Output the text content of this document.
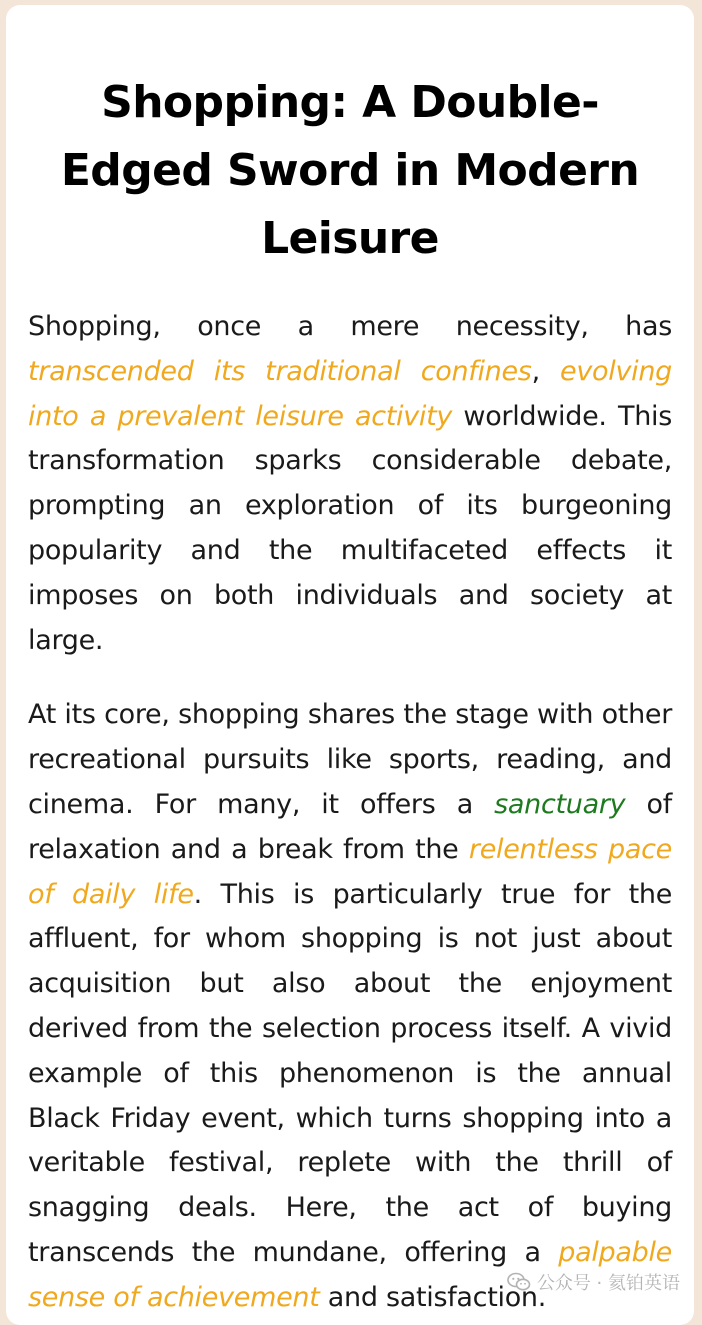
Shopping: A Double-Edged Sword in Modern Leisure

Shopping, once a mere necessity, has transcended its traditional confines, evolving into a prevalent leisure activity worldwide. This transformation sparks considerable debate, prompting an exploration of its burgeoning popularity and the multifaceted effects it imposes on both individuals and society at large.

At its core, shopping shares the stage with other recreational pursuits like sports, reading, and cinema. For many, it offers a sanctuary of relaxation and a break from the relentless pace of daily life. This is particularly true for the affluent, for whom shopping is not just about acquisition but also about the enjoyment derived from the selection process itself. A vivid example of this phenomenon is the annual Black Friday event, which turns shopping into a veritable festival, replete with the thrill of snagging deals. Here, the act of buying transcends the mundane, offering a palpable sense of achievement and satisfaction.

公众号 · 氦铂英语
